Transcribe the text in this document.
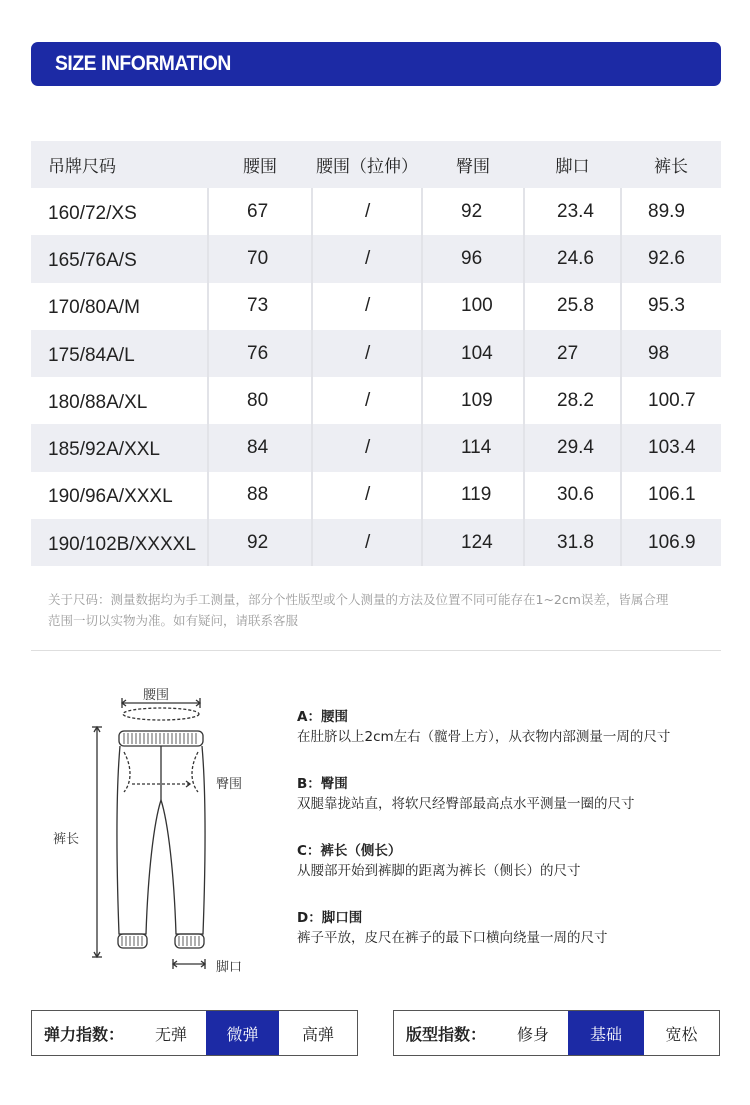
SIZE INFORMATION
吊牌尺码	腰围	腰围（拉伸）	臀围	脚口	裤长
160/72/XS	67	/	92	23.4	89.9
165/76A/S	70	/	96	24.6	92.6
170/80A/M	73	/	100	25.8	95.3
175/84A/L	76	/	104	27	98
180/88A/XL	80	/	109	28.2	100.7
185/92A/XXL	84	/	114	29.4	103.4
190/96A/XXXL	88	/	119	30.6	106.1
190/102B/XXXXL	92	/	124	31.8	106.9
关于尺码：测量数据均为手工测量，部分个性版型或个人测量的方法及位置不同可能存在1~2cm误差，皆属合理
范围一切以实物为准。如有疑问，请联系客服
腰围
臀围
裤长
脚口
A：腰围
在肚脐以上2cm左右（髋骨上方），从衣物内部测量一周的尺寸
B：臀围
双腿靠拢站直，将软尺经臀部最高点水平测量一圈的尺寸
C：裤长（侧长）
从腰部开始到裤脚的距离为裤长（侧长）的尺寸
D：脚口围
裤子平放，皮尺在裤子的最下口横向绕量一周的尺寸
弹力指数：	无弹	微弹	高弹	版型指数：	修身	基础	宽松
